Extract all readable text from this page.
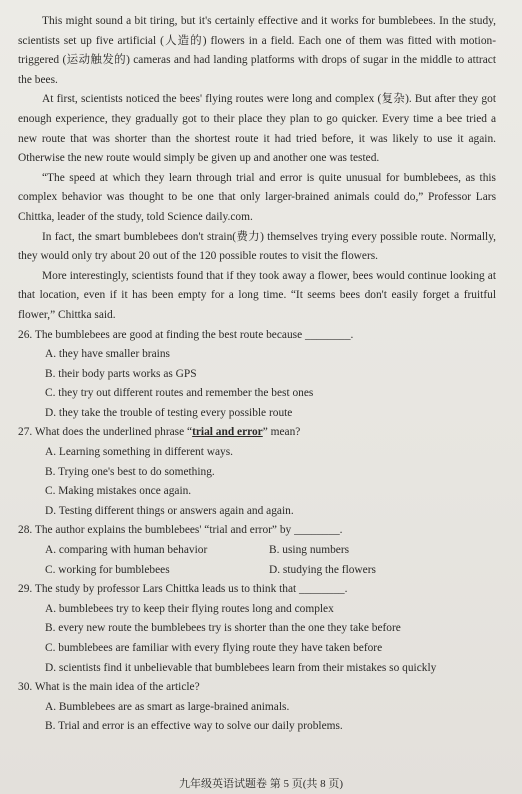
This might sound a bit tiring, but it's certainly effective and it works for bumblebees. In the study, scientists set up five artificial (人造的) flowers in a field. Each one of them was fitted with motion-triggered (运动触发的) cameras and had landing platforms with drops of sugar in the middle to attract the bees.

At first, scientists noticed the bees' flying routes were long and complex (复杂). But after they got enough experience, they gradually got to their place they plan to go quicker. Every time a bee tried a new route that was shorter than the shortest route it had tried before, it was likely to use it again. Otherwise the new route would simply be given up and another one was tested.

“The speed at which they learn through trial and error is quite unusual for bumblebees, as this complex behavior was thought to be one that only larger-brained animals could do,” Professor Lars Chittka, leader of the study, told Science daily.com.

In fact, the smart bumblebees don't strain(费力) themselves trying every possible route. Normally, they would only try about 20 out of the 120 possible routes to visit the flowers.

More interestingly, scientists found that if they took away a flower, bees would continue looking at that location, even if it has been empty for a long time. “It seems bees don't easily forget a fruitful flower,” Chittka said.

26. The bumblebees are good at finding the best route because ________.

A. they have smaller brains

B. their body parts works as GPS

C. they try out different routes and remember the best ones

D. they take the trouble of testing every possible route

27. What does the underlined phrase “trial and error” mean?

A. Learning something in different ways.

B. Trying one's best to do something.

C. Making mistakes once again.

D. Testing different things or answers again and again.

28. The author explains the bumblebees' “trial and error” by ________.

A. comparing with human behavior	B. using numbers
C. working for bumblebees	D. studying the flowers

29. The study by professor Lars Chittka leads us to think that ________.

A. bumblebees try to keep their flying routes long and complex

B. every new route the bumblebees try is shorter than the one they take before

C. bumblebees are familiar with every flying route they have taken before

D. scientists find it unbelievable that bumblebees learn from their mistakes so quickly

30. What is the main idea of the article?

A. Bumblebees are as smart as large-brained animals.

B. Trial and error is an effective way to solve our daily problems.

九年级英语试题卷 第 5 页(共 8 页)
